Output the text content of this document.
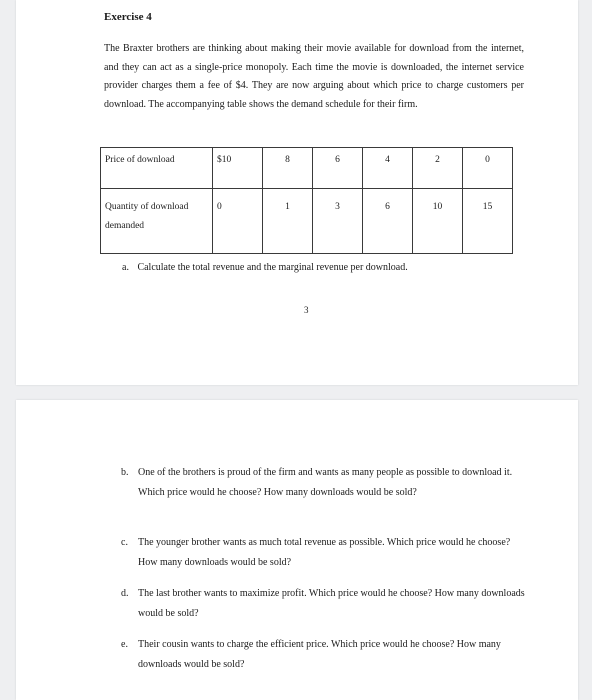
Exercise 4
The Braxter brothers are thinking about making their movie available for download from the internet, and they can act as a single-price monopoly. Each time the movie is downloaded, the internet service provider charges them a fee of $4. They are now arguing about which price to charge customers per download. The accompanying table shows the demand schedule for their firm.
Price of download	$10	8	6	4	2	0
Quantity of download demanded	0	1	3	6	10	15
a. Calculate the total revenue and the marginal revenue per download.
3
b. One of the brothers is proud of the firm and wants as many people as possible to download it. Which price would he choose? How many downloads would be sold?
c. The younger brother wants as much total revenue as possible. Which price would he choose? How many downloads would be sold?
d. The last brother wants to maximize profit. Which price would he choose? How many downloads would be sold?
e. Their cousin wants to charge the efficient price. Which price would he choose? How many downloads would be sold?
